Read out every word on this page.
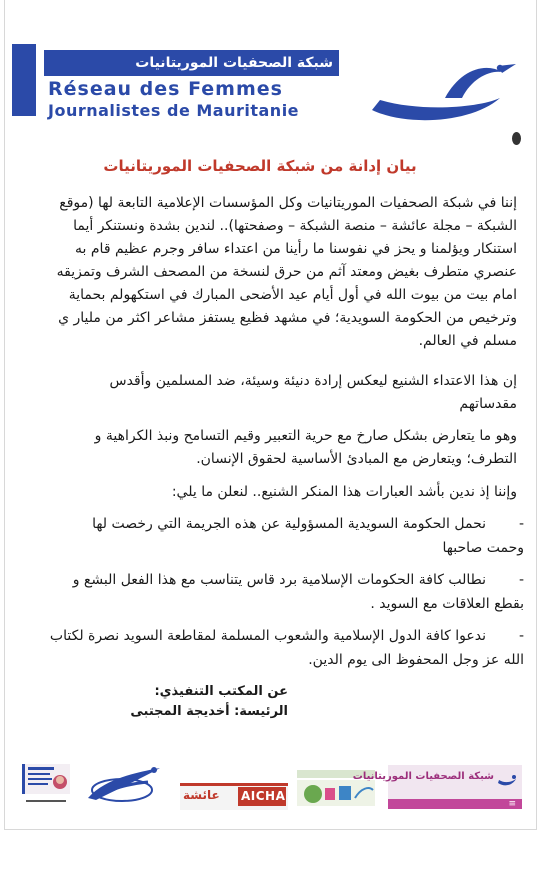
شبكة الصحفيات الموريتانيات
Réseau des Femmes
Journalistes de Mauritanie
بيان إدانة من شبكة الصحفيات الموريتانيات

إننا في شبكة الصحفيات الموريتانيات وكل المؤسسات الإعلامية التابعة لها (موقع

الشبكة – مجلة عائشة – منصة الشبكة – وصفحتها).. لندين بشدة ونستنكر أيما

استنكار ويؤلمنا و يحز في نفوسنا ما رأينا من اعتداء سافر وجرم عظيم قام به

عنصري متطرف بغيض ومعتد آثم من حرق لنسخة من المصحف الشرف وتمزيقه

امام بيت من بيوت الله في أول أيام عيد الأضحى المبارك في استكهولم بحماية

وترخيص من الحكومة السويدية؛ في مشهد فظيع يستفز مشاعر اكثر من مليار ي

مسلم في العالم.

إن هذا الاعتداء الشنيع ليعكس إرادة دنيئة وسيئة، ضد المسلمين وأقدس

مقدساتهم

وهو ما يتعارض بشكل صارخ مع حرية التعبير وقيم التسامح ونبذ الكراهية و

التطرف؛ ويتعارض مع المبادئ الأساسية لحقوق الإنسان.

وإننا إذ ندين بأشد العبارات هذا المنكر الشنيع.. لنعلن ما يلي:

-
نحمل الحكومة السويدية المسؤولية عن هذه الجريمة التي رخصت لها
وحمت صاحبها
-
نطالب كافة الحكومات الإسلامية برد قاس يتناسب مع هذا الفعل البشع و
بقطع العلاقات مع السويد .
-
ندعوا كافة الدول الإسلامية والشعوب المسلمة لمقاطعة السويد نصرة لكتاب
الله عز وجل المحفوظ الى يوم الدين.
عن المكتب التنفيذي:
الرئيسة: أخديجة المجتبى
عائشة AICHA
شبكة الصحفيات الموريتانيات
≡
